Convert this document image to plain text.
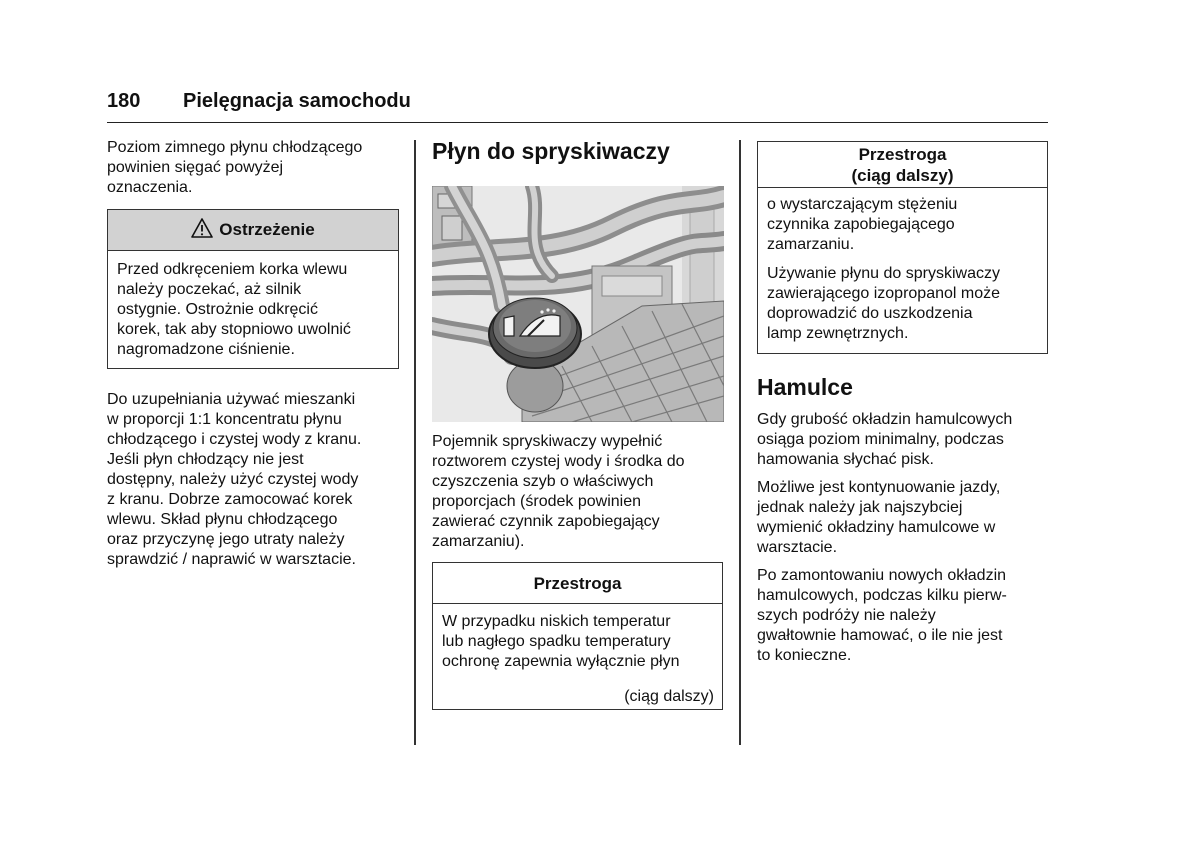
180 Pielęgnacja samochodu

Poziom zimnego płynu chłodzącego
powinien sięgać powyżej
oznaczenia.

Ostrzeżenie
Przed odkręceniem korka wlewu
należy poczekać, aż silnik
ostygnie. Ostrożnie odkręcić
korek, tak aby stopniowo uwolnić
nagromadzone ciśnienie.

Do uzupełniania używać mieszanki
w proporcji 1:1 koncentratu płynu
chłodzącego i czystej wody z kranu.
Jeśli płyn chłodzący nie jest
dostępny, należy użyć czystej wody
z kranu. Dobrze zamocować korek
wlewu. Skład płynu chłodzącego
oraz przyczynę jego utraty należy
sprawdzić / naprawić w warsztacie.

Płyn do spryskiwaczy

Pojemnik spryskiwaczy wypełnić
roztworem czystej wody i środka do
czyszczenia szyb o właściwych
proporcjach (środek powinien
zawierać czynnik zapobiegający
zamarzaniu).

Przestroga
W przypadku niskich temperatur
lub nagłego spadku temperatury
ochronę zapewnia wyłącznie płyn
(ciąg dalszy)
Przestroga
(ciąg dalszy)
o wystarczającym stężeniu
czynnika zapobiegającego
zamarzaniu.
Używanie płynu do spryskiwaczy
zawierającego izopropanol może
doprowadzić do uszkodzenia
lamp zewnętrznych.
Hamulce

Gdy grubość okładzin hamulcowych
osiąga poziom minimalny, podczas
hamowania słychać pisk.

Możliwe jest kontynuowanie jazdy,
jednak należy jak najszybciej
wymienić okładziny hamulcowe w
warsztacie.

Po zamontowaniu nowych okładzin
hamulcowych, podczas kilku pierw-
szych podróży nie należy
gwałtownie hamować, o ile nie jest
to konieczne.
